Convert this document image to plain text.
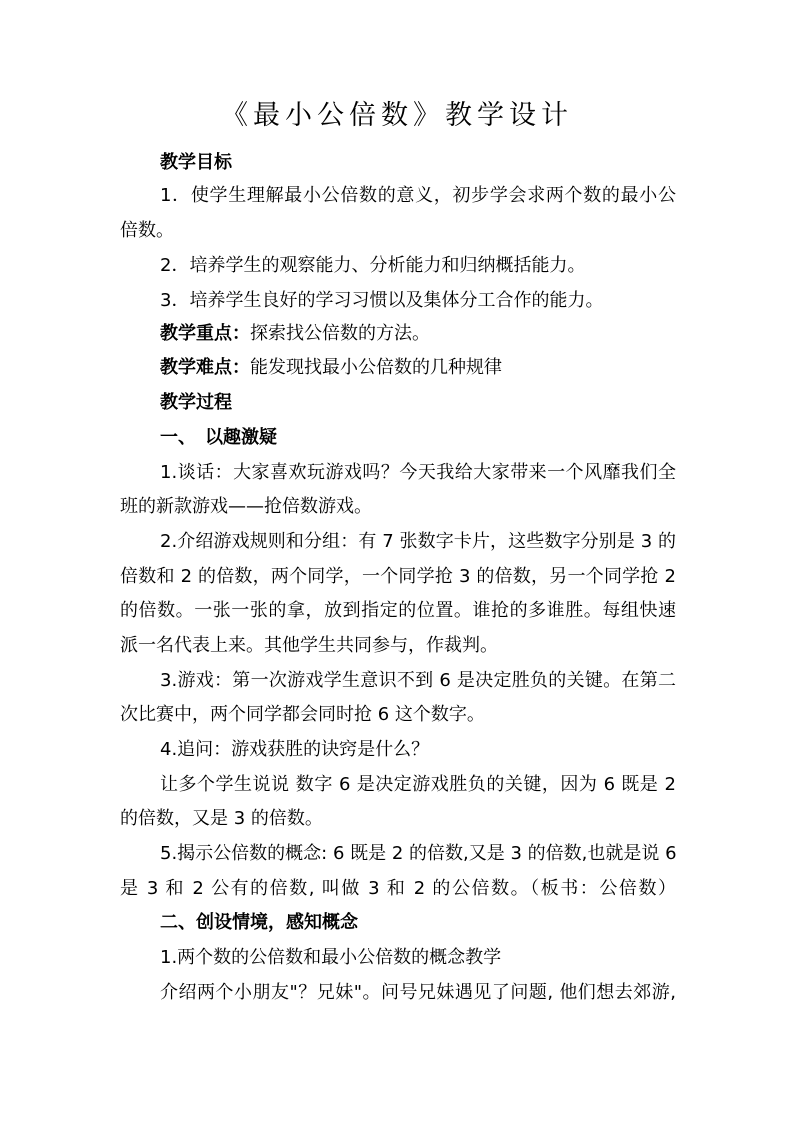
《最小公倍数》教学设计
教学目标
1．使学生理解最小公倍数的意义，初步学会求两个数的最小公
倍数。
2．培养学生的观察能力、分析能力和归纳概括能力。
3．培养学生良好的学习习惯以及集体分工合作的能力。
教学重点：探索找公倍数的方法。
教学难点：能发现找最小公倍数的几种规律
教学过程
一、　以趣激疑
1.谈话：大家喜欢玩游戏吗？今天我给大家带来一个风靡我们全
班的新款游戏——抢倍数游戏。
2.介绍游戏规则和分组：有 7 张数字卡片，这些数字分别是 3 的
倍数和 2 的倍数，两个同学，一个同学抢 3 的倍数，另一个同学抢 2
的倍数。一张一张的拿，放到指定的位置。谁抢的多谁胜。每组快速
派一名代表上来。其他学生共同参与，作裁判。
3.游戏：第一次游戏学生意识不到 6 是决定胜负的关键。在第二
次比赛中，两个同学都会同时抢 6 这个数字。
4.追问：游戏获胜的诀窍是什么？
让多个学生说说 数字 6 是决定游戏胜负的关键，因为 6 既是 2
的倍数，又是 3 的倍数。
5.揭示公倍数的概念: 6 既是 2 的倍数,又是 3 的倍数,也就是说 6
是 3 和 2 公有的倍数, 叫做 3 和 2 的公倍数。（板书：公倍数）
二、创设情境，感知概念
1.两个数的公倍数和最小公倍数的概念教学
介绍两个小朋友"？兄妹"。问号兄妹遇见了问题, 他们想去郊游,
